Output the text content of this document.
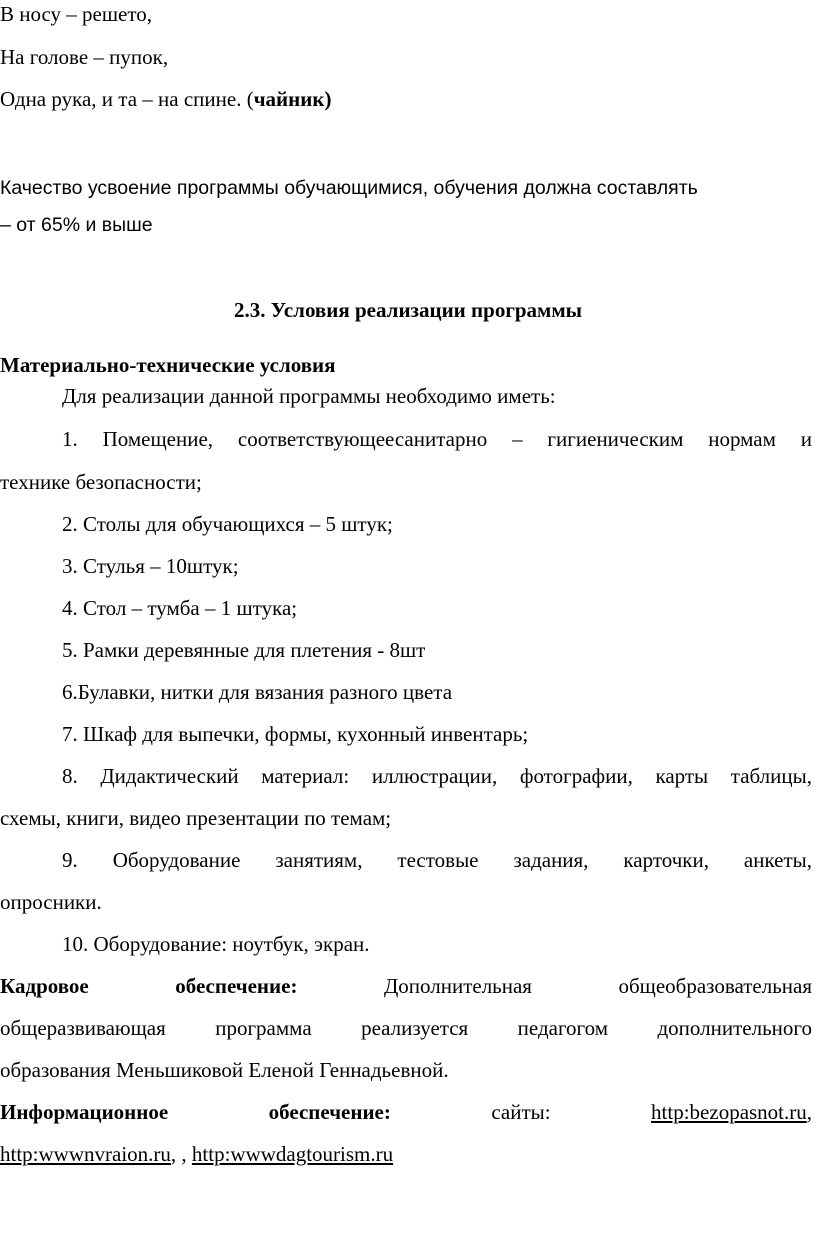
В носу – решето,
На голове – пупок,
Одна рука, и та – на спине. (чайник)
Качество усвоение программы обучающимися, обучения должна составлять
– от 65% и выше
2.3. Условия реализации программы
Материально-технические условия
Для реализации данной программы необходимо иметь:
1. Помещение, соответствующеесанитарно – гигиеническим нормам и
технике безопасности;
2. Столы для обучающихся – 5 штук;
3. Стулья – 10штук;
4. Стол – тумба – 1 штука;
5. Рамки деревянные для плетения - 8шт
6.Булавки, нитки для вязания разного цвета
7. Шкаф для выпечки, формы, кухонный инвентарь;
8. Дидактический материал: иллюстрации, фотографии, карты таблицы,
схемы, книги, видео презентации по темам;
9. Оборудование занятиям, тестовые задания, карточки, анкеты,
опросники.
10. Оборудование: ноутбук, экран.
Кадровое	обеспечение:	Дополнительная общеобразовательная
общеразвивающая программа реализуется педагогом дополнительного
образования Меньшиковой Еленой Геннадьевной.
Информационное	обеспечение:	сайты:	http:bezopasnot.ru,
http:wwwnvraion.ru, , http:wwwdagtourism.ru
